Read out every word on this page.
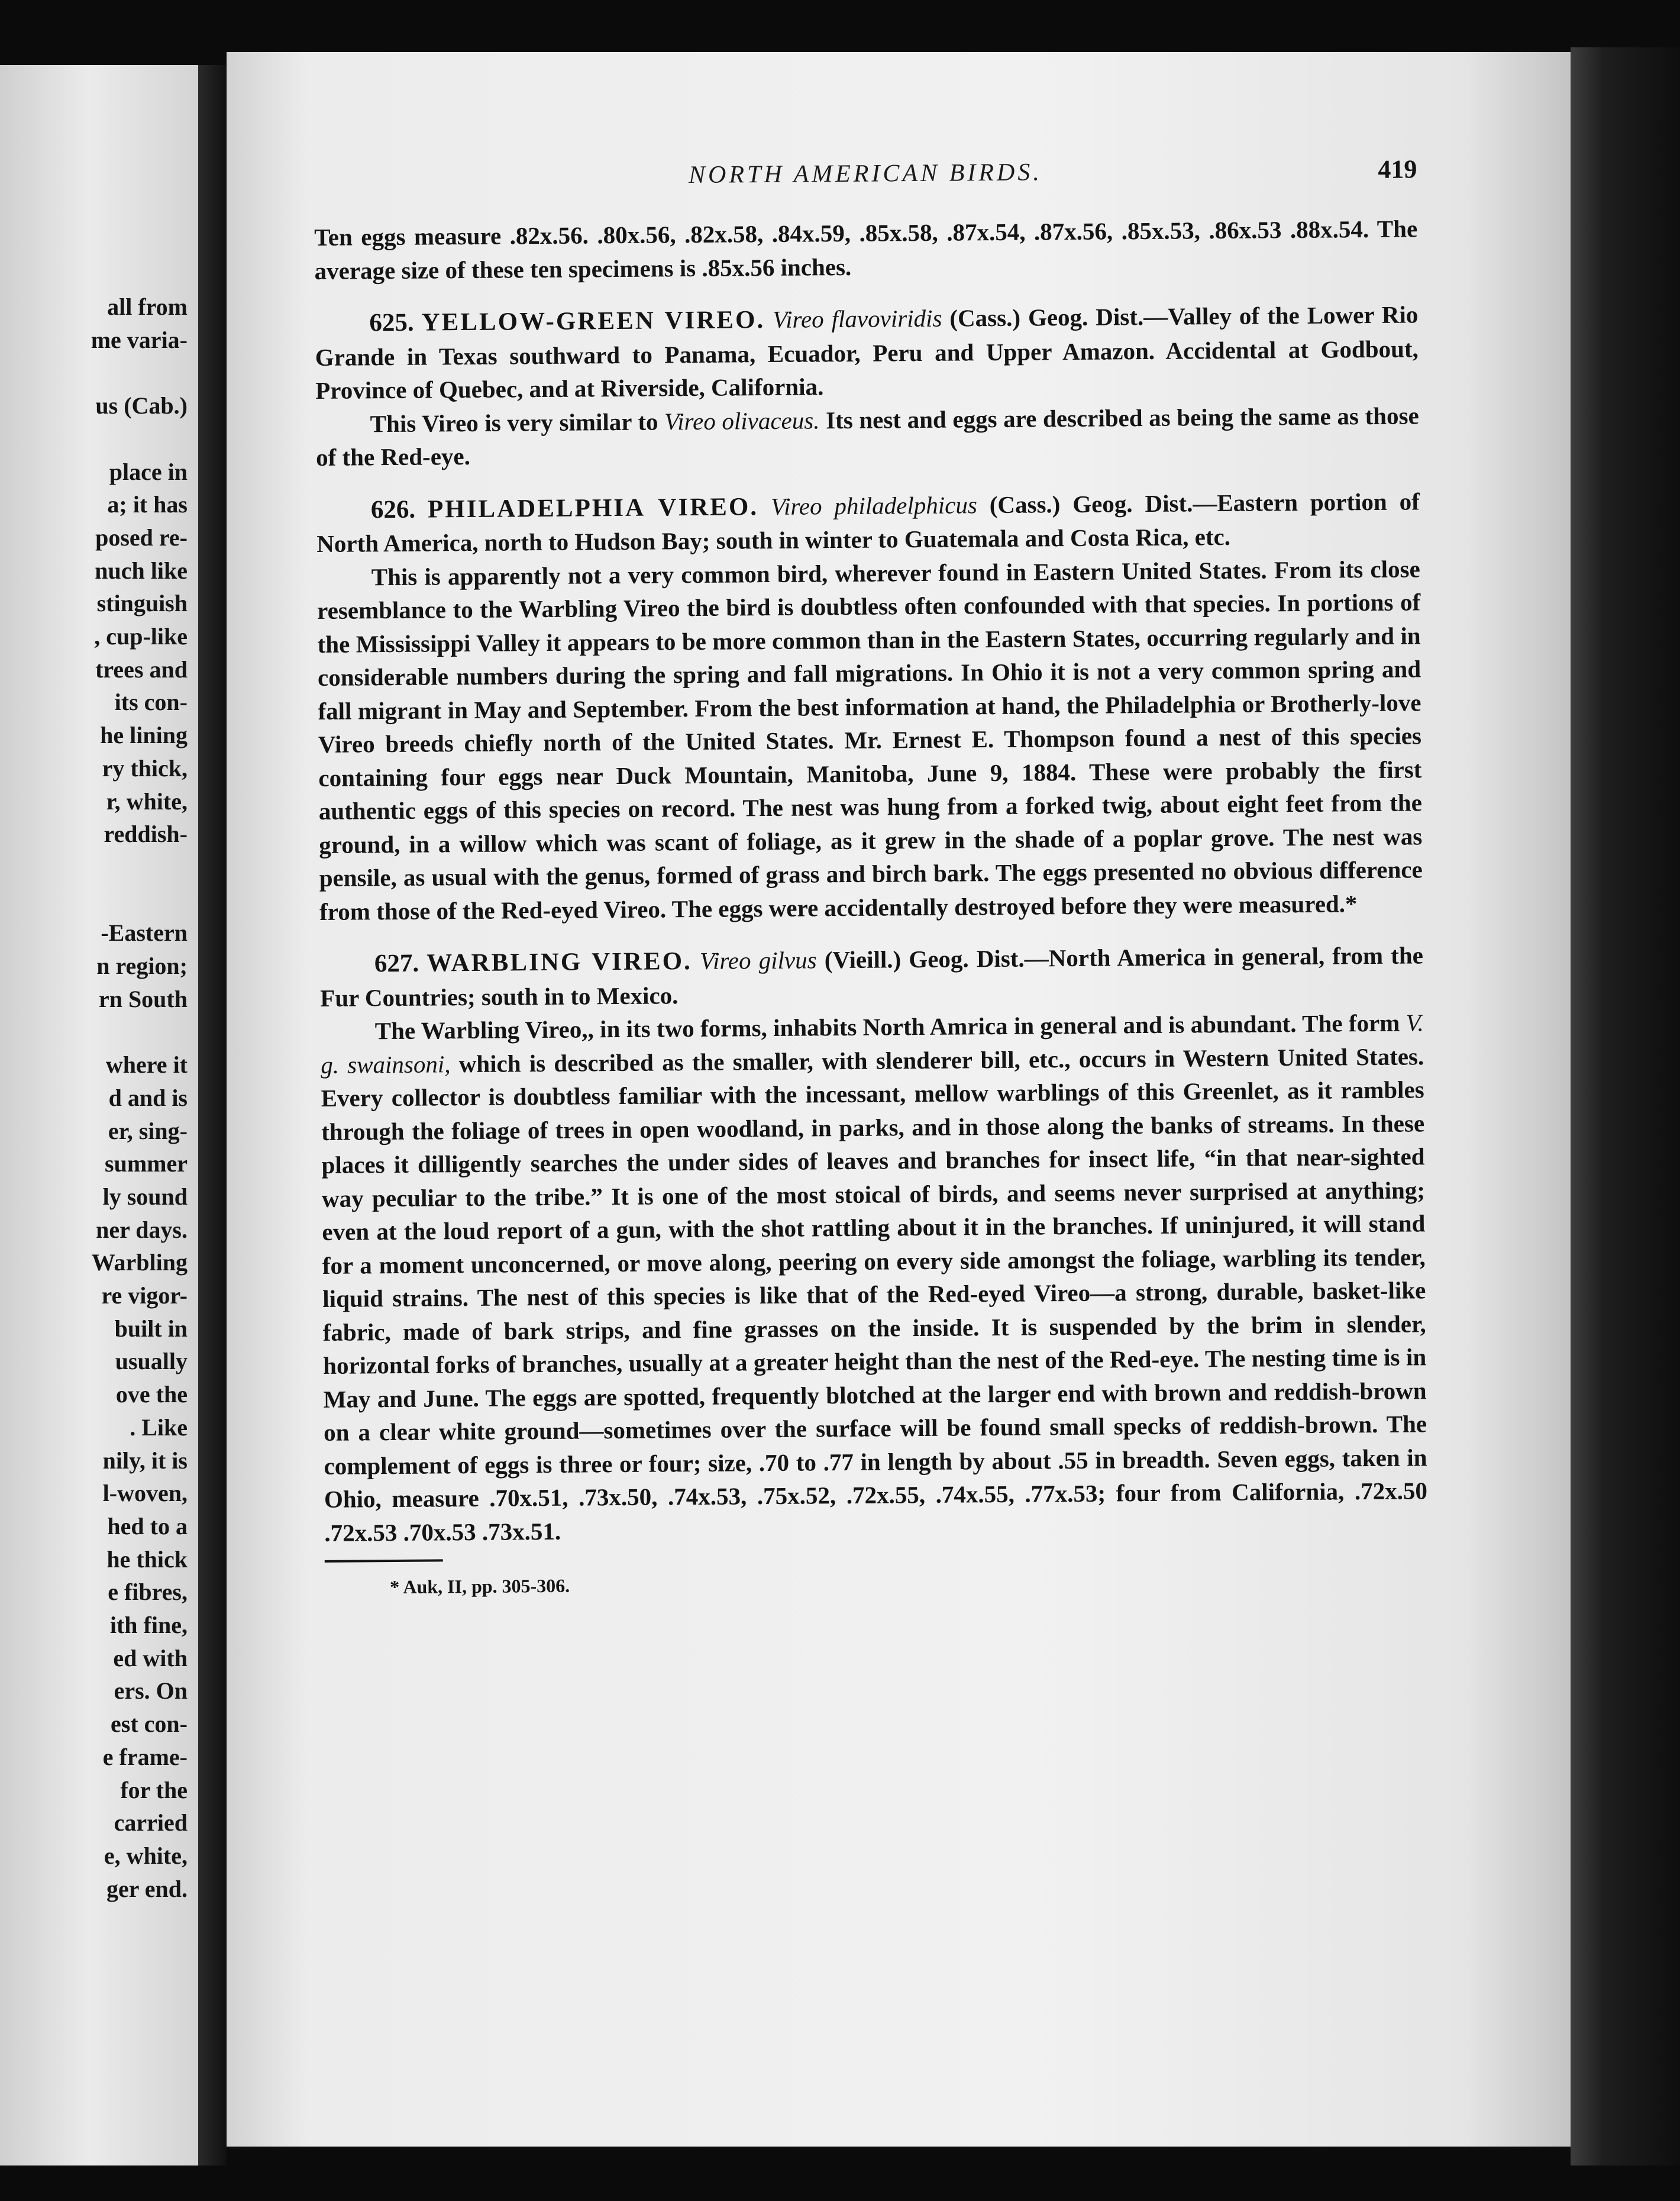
all from
me varia-
us (Cab.)
place in
a; it has
posed re-
nuch like
stinguish
, cup-like
trees and
its con-
he lining
ry thick,
r, white,
reddish-
-Eastern
n region;
rn South
where it
d and is
er, sing-
summer
ly sound
ner days.
Warbling
re vigor-
built in
usually
ove the
. Like
nily, it is
l-woven,
hed to a
he thick
e fibres,
ith fine,
ed with
ers. On
est con-
e frame-
for the
carried
e, white,
ger end.
NORTH AMERICAN BIRDS.	419

Ten eggs measure .82x.56. .80x.56, .82x.58, .84x.59, .85x.58, .87x.54, .87x.56, .85x.53, .86x.53 .88x.54. The average size of these ten specimens is .85x.56 inches.

625. YELLOW-GREEN VIREO. Vireo flavoviridis (Cass.) Geog. Dist.—Valley of the Lower Rio Grande in Texas southward to Panama, Ecuador, Peru and Upper Amazon. Accidental at Godbout, Province of Quebec, and at Riverside, California.

This Vireo is very similar to Vireo olivaceus. Its nest and eggs are described as being the same as those of the Red-eye.

626. PHILADELPHIA VIREO. Vireo philadelphicus (Cass.) Geog. Dist.—Eastern portion of North America, north to Hudson Bay; south in winter to Guatemala and Costa Rica, etc.

This is apparently not a very common bird, wherever found in Eastern United States. From its close resemblance to the Warbling Vireo the bird is doubtless often confounded with that species. In portions of the Mississippi Valley it appears to be more common than in the Eastern States, occurring regularly and in considerable numbers during the spring and fall migrations. In Ohio it is not a very common spring and fall migrant in May and September. From the best information at hand, the Philadelphia or Brotherly-love Vireo breeds chiefly north of the United States. Mr. Ernest E. Thompson found a nest of this species containing four eggs near Duck Mountain, Manitoba, June 9, 1884. These were probably the first authentic eggs of this species on record. The nest was hung from a forked twig, about eight feet from the ground, in a willow which was scant of foliage, as it grew in the shade of a poplar grove. The nest was pensile, as usual with the genus, formed of grass and birch bark. The eggs presented no obvious difference from those of the Red-eyed Vireo. The eggs were accidentally destroyed before they were measured.*

627. WARBLING VIREO. Vireo gilvus (Vieill.) Geog. Dist.—North America in general, from the Fur Countries; south in to Mexico.

The Warbling Vireo,, in its two forms, inhabits North Amrica in general and is abundant. The form V. g. swainsoni, which is described as the smaller, with slenderer bill, etc., occurs in Western United States. Every collector is doubtless familiar with the incessant, mellow warblings of this Greenlet, as it rambles through the foliage of trees in open woodland, in parks, and in those along the banks of streams. In these places it dilligently searches the under sides of leaves and branches for insect life, “in that near-sighted way peculiar to the tribe.” It is one of the most stoical of birds, and seems never surprised at anything; even at the loud report of a gun, with the shot rattling about it in the branches. If uninjured, it will stand for a moment unconcerned, or move along, peering on every side amongst the foliage, warbling its tender, liquid strains. The nest of this species is like that of the Red-eyed Vireo—a strong, durable, basket-like fabric, made of bark strips, and fine grasses on the inside. It is suspended by the brim in slender, horizontal forks of branches, usually at a greater height than the nest of the Red-eye. The nesting time is in May and June. The eggs are spotted, frequently blotched at the larger end with brown and reddish-brown on a clear white ground—sometimes over the surface will be found small specks of reddish-brown. The complement of eggs is three or four; size, .70 to .77 in length by about .55 in breadth. Seven eggs, taken in Ohio, measure .70x.51, .73x.50, .74x.53, .75x.52, .72x.55, .74x.55, .77x.53; four from California, .72x.50 .72x.53 .70x.53 .73x.51.

* Auk, II, pp. 305-306.
